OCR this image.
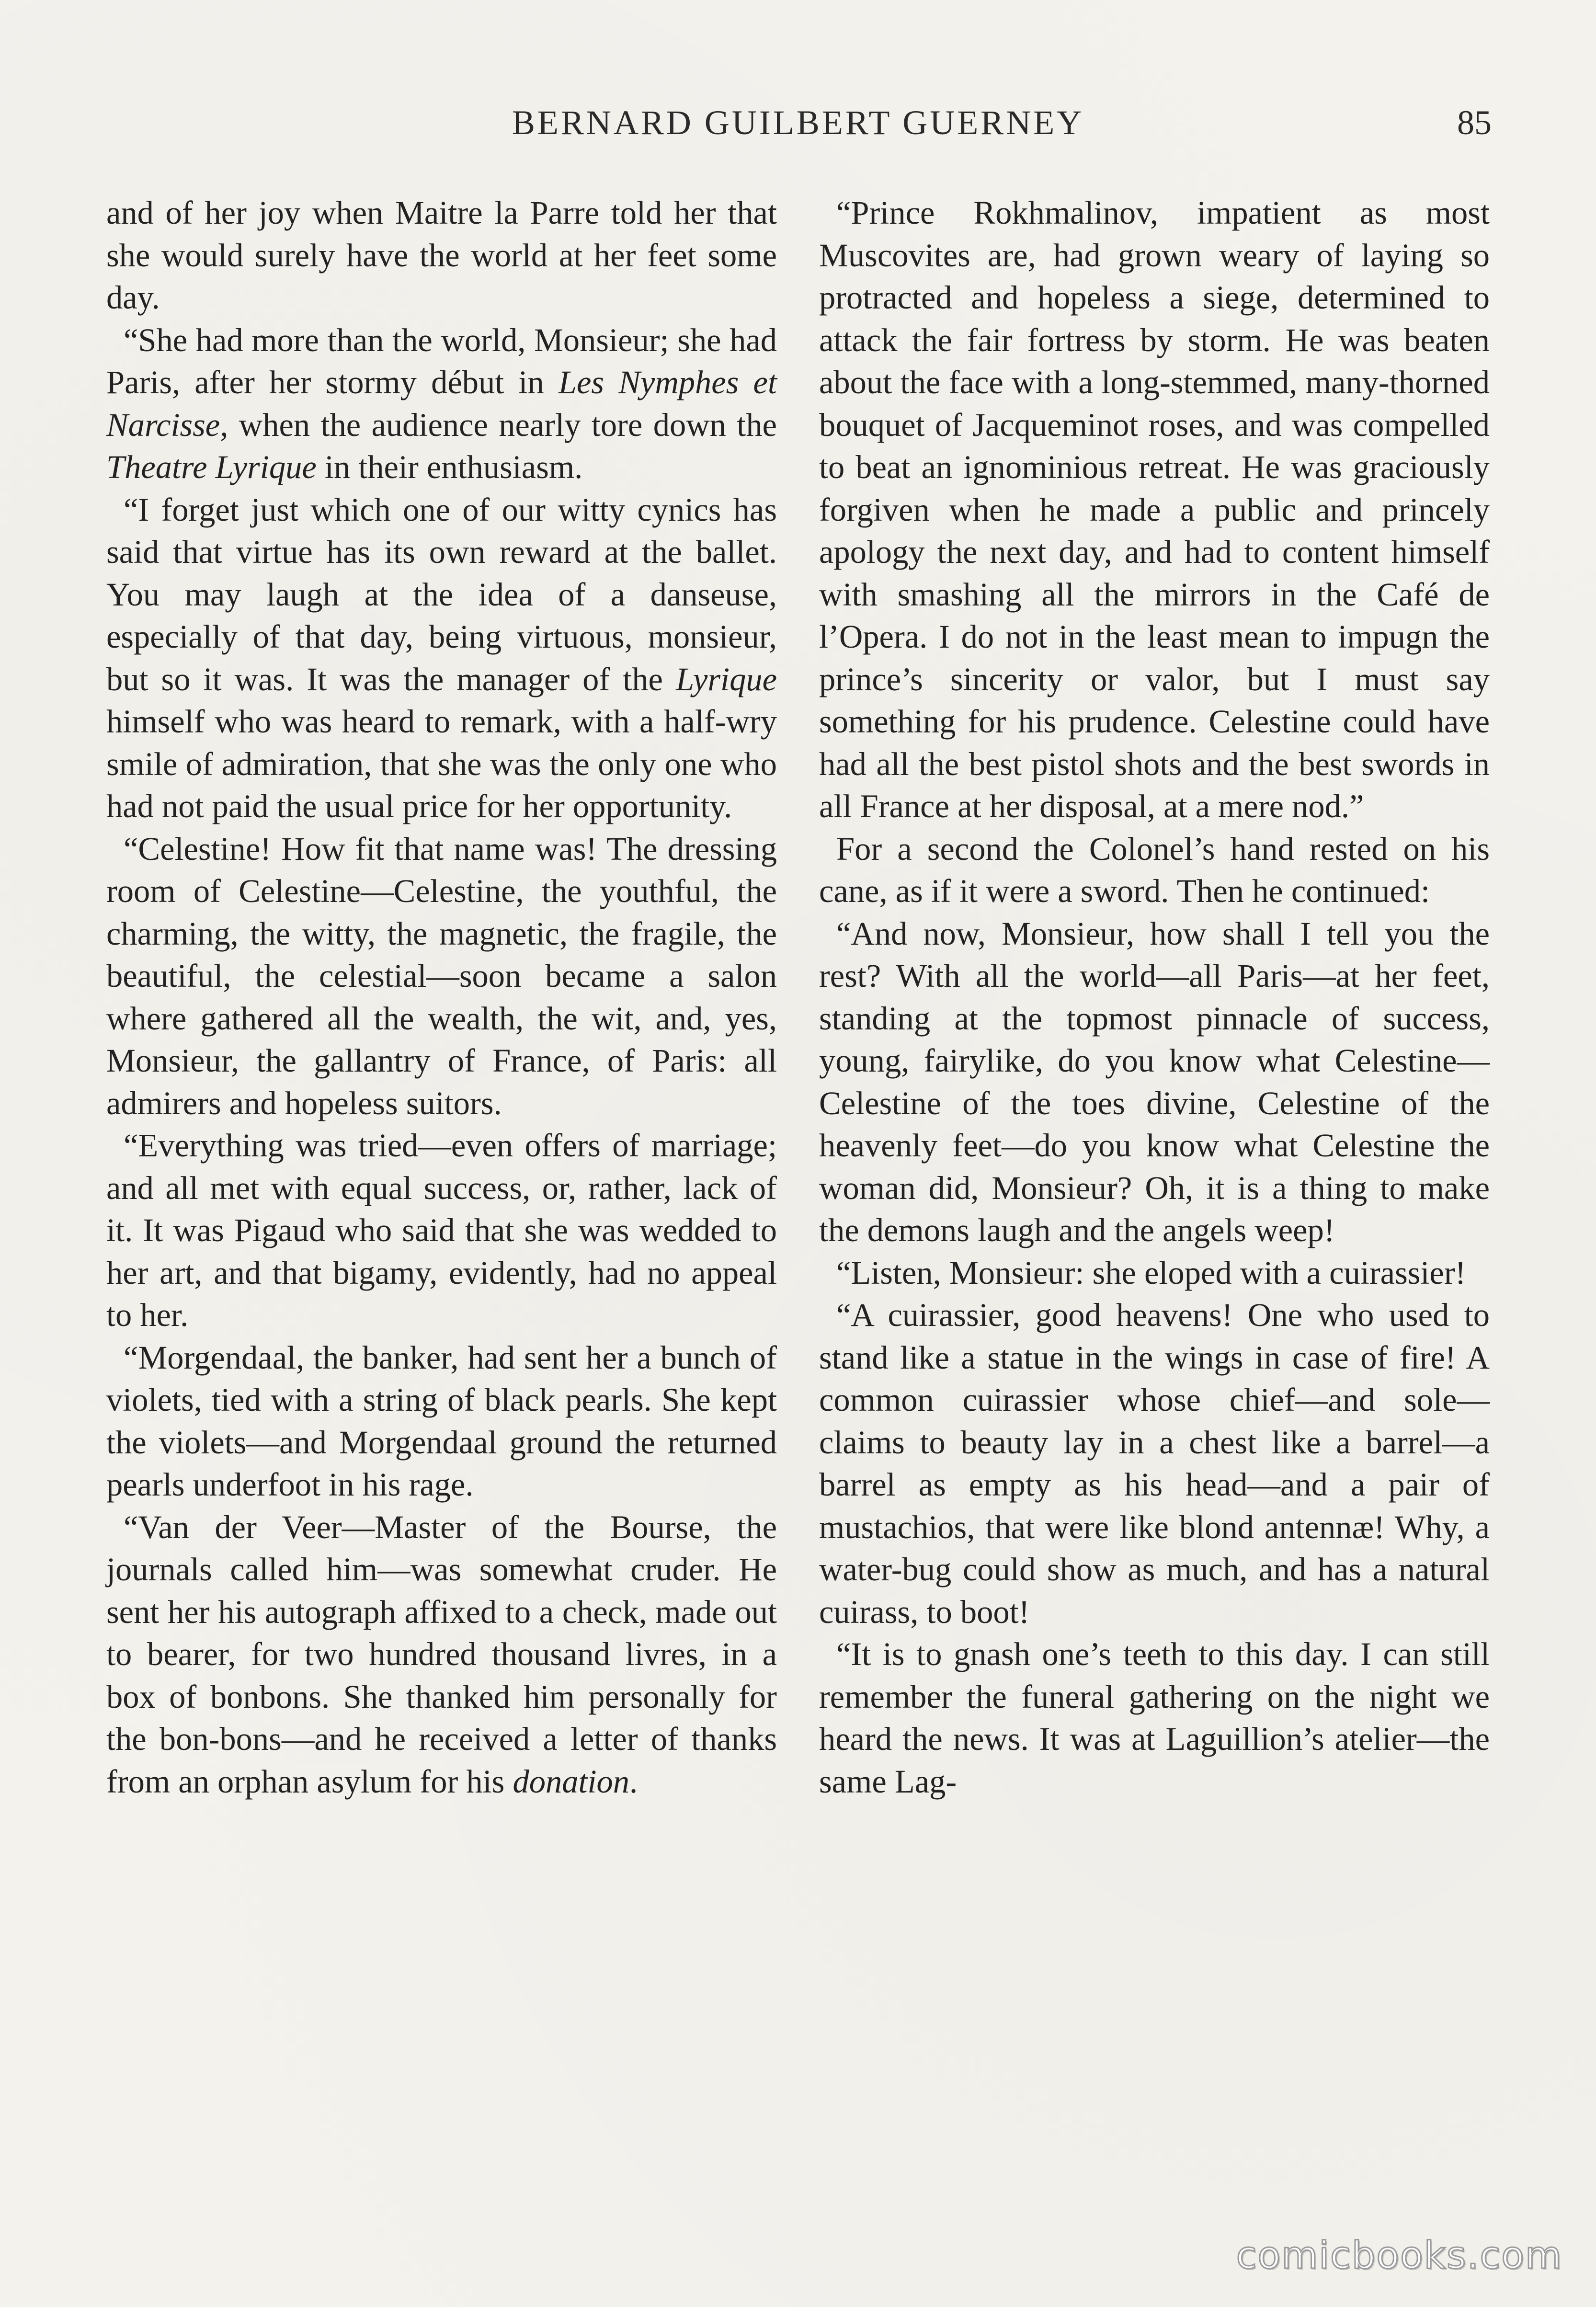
BERNARD GUILBERT GUERNEY	85

and of her joy when Maitre la Parre told her that she would surely have the world at her feet some day.

“She had more than the world, Monsieur; she had Paris, after her stormy début in Les Nymphes et Narcisse, when the audience nearly tore down the Theatre Lyrique in their enthusiasm.

“I forget just which one of our witty cynics has said that virtue has its own reward at the ballet. You may laugh at the idea of a danseuse, especially of that day, being virtuous, monsieur, but so it was. It was the manager of the Lyrique himself who was heard to remark, with a half-wry smile of admiration, that she was the only one who had not paid the usual price for her opportunity.

“Celestine! How fit that name was! The dressing room of Celestine—Celestine, the youthful, the charming, the witty, the magnetic, the fragile, the beautiful, the celestial—soon became a salon where gathered all the wealth, the wit, and, yes, Monsieur, the gallantry of France, of Paris: all admirers and hopeless suitors.

“Everything was tried—even offers of marriage; and all met with equal success, or, rather, lack of it. It was Pigaud who said that she was wedded to her art, and that bigamy, evidently, had no appeal to her.

“Morgendaal, the banker, had sent her a bunch of violets, tied with a string of black pearls. She kept the violets—and Morgendaal ground the returned pearls underfoot in his rage.

“Van der Veer—Master of the Bourse, the journals called him—was somewhat cruder. He sent her his autograph affixed to a check, made out to bearer, for two hundred thousand livres, in a box of bonbons. She thanked him personally for the bon-bons—and he received a letter of thanks from an orphan asylum for his donation.

“Prince Rokhmalinov, impatient as most Muscovites are, had grown weary of laying so protracted and hopeless a siege, determined to attack the fair fortress by storm. He was beaten about the face with a long-stemmed, many-thorned bouquet of Jacqueminot roses, and was compelled to beat an ignominious retreat. He was graciously forgiven when he made a public and princely apology the next day, and had to content himself with smashing all the mirrors in the Café de l’Opera. I do not in the least mean to impugn the prince’s sincerity or valor, but I must say something for his prudence. Celestine could have had all the best pistol shots and the best swords in all France at her disposal, at a mere nod.”

For a second the Colonel’s hand rested on his cane, as if it were a sword. Then he continued:

“And now, Monsieur, how shall I tell you the rest? With all the world—all Paris—at her feet, standing at the topmost pinnacle of success, young, fairylike, do you know what Celestine—Celestine of the toes divine, Celestine of the heavenly feet—do you know what Celestine the woman did, Monsieur? Oh, it is a thing to make the demons laugh and the angels weep!

“Listen, Monsieur: she eloped with a cuirassier!

“A cuirassier, good heavens! One who used to stand like a statue in the wings in case of fire! A common cuirassier whose chief—and sole—claims to beauty lay in a chest like a barrel—a barrel as empty as his head—and a pair of mustachios, that were like blond antennæ! Why, a water-bug could show as much, and has a natural cuirass, to boot!

“It is to gnash one’s teeth to this day. I can still remember the funeral gathering on the night we heard the news. It was at Laguillion’s atelier—the same Lag-

comicbooks.com
